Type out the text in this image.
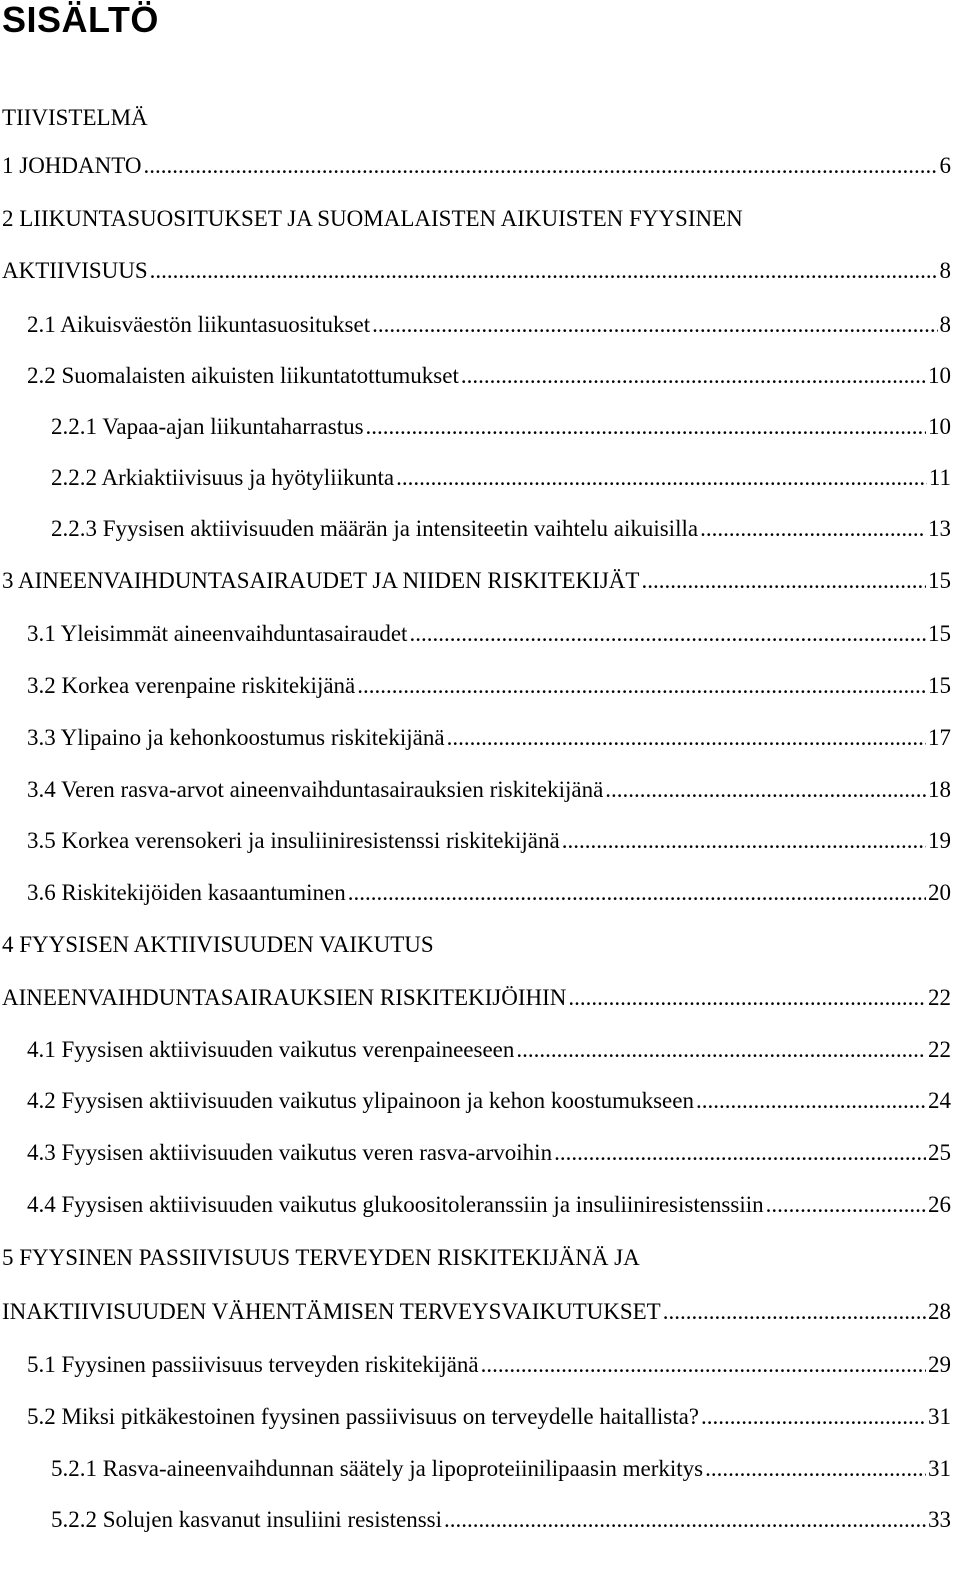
SISÄLTÖ
TIIVISTELMÄ
1 JOHDANTO .....	6
2 LIIKUNTASUOSITUKSET JA SUOMALAISTEN AIKUISTEN FYYSINEN
AKTIIVISUUS .....	8
2.1 Aikuisväestön liikuntasuositukset .....	8
2.2 Suomalaisten aikuisten liikuntatottumukset .....	10
2.2.1 Vapaa-ajan liikuntaharrastus .....	10
2.2.2 Arkiaktiivisuus ja hyötyliikunta .....	11
2.2.3 Fyysisen aktiivisuuden määrän ja intensiteetin vaihtelu aikuisilla .....	13
3 AINEENVAIHDUNTASAIRAUDET JA NIIDEN RISKITEKIJÄT .....	15
3.1 Yleisimmät aineenvaihduntasairaudet .....	15
3.2 Korkea verenpaine riskitekijänä .....	15
3.3 Ylipaino ja kehonkoostumus riskitekijänä .....	17
3.4 Veren rasva-arvot aineenvaihduntasairauksien riskitekijänä .....	18
3.5 Korkea verensokeri ja insuliiniresistenssi riskitekijänä .....	19
3.6 Riskitekijöiden kasaantuminen .....	20
4 FYYSISEN AKTIIVISUUDEN VAIKUTUS
AINEENVAIHDUNTASAIRAUKSIEN RISKITEKIJÖIHIN .....	22
4.1 Fyysisen aktiivisuuden vaikutus verenpaineeseen .....	22
4.2 Fyysisen aktiivisuuden vaikutus ylipainoon ja kehon koostumukseen .....	24
4.3 Fyysisen aktiivisuuden vaikutus veren rasva-arvoihin .....	25
4.4 Fyysisen aktiivisuuden vaikutus glukoositoleranssiin ja insuliiniresistenssiin .....	26
5 FYYSINEN PASSIIVISUUS TERVEYDEN RISKITEKIJÄNÄ JA
INAKTIIVISUUDEN VÄHENTÄMISEN TERVEYSVAIKUTUKSET .....	28
5.1 Fyysinen passiivisuus terveyden riskitekijänä .....	29
5.2 Miksi pitkäkestoinen fyysinen passiivisuus on terveydelle haitallista? .....	31
5.2.1 Rasva-aineenvaihdunnan säätely ja lipoproteiinilipaasin merkitys .....	31
5.2.2 Solujen kasvanut insuliini resistenssi .....	33
